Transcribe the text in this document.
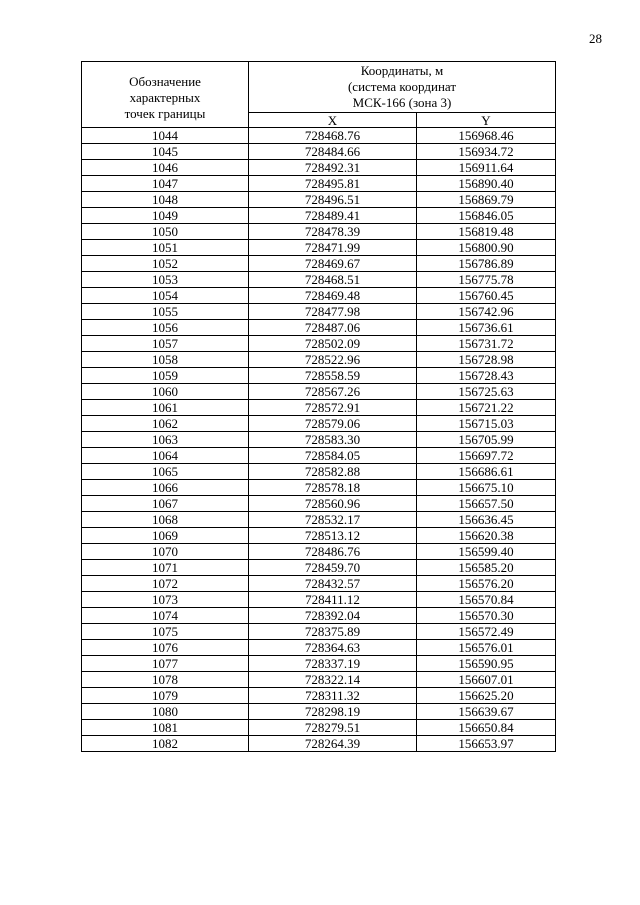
28
Обозначение
характерных
точек границы	Координаты, м
(система координат
МСК-166 (зона 3)	

	X	Y
1044	728468.76	156968.46
1045	728484.66	156934.72
1046	728492.31	156911.64
1047	728495.81	156890.40
1048	728496.51	156869.79
1049	728489.41	156846.05
1050	728478.39	156819.48
1051	728471.99	156800.90
1052	728469.67	156786.89
1053	728468.51	156775.78
1054	728469.48	156760.45
1055	728477.98	156742.96
1056	728487.06	156736.61
1057	728502.09	156731.72
1058	728522.96	156728.98
1059	728558.59	156728.43
1060	728567.26	156725.63
1061	728572.91	156721.22
1062	728579.06	156715.03
1063	728583.30	156705.99
1064	728584.05	156697.72
1065	728582.88	156686.61
1066	728578.18	156675.10
1067	728560.96	156657.50
1068	728532.17	156636.45
1069	728513.12	156620.38
1070	728486.76	156599.40
1071	728459.70	156585.20
1072	728432.57	156576.20
1073	728411.12	156570.84
1074	728392.04	156570.30
1075	728375.89	156572.49
1076	728364.63	156576.01
1077	728337.19	156590.95
1078	728322.14	156607.01
1079	728311.32	156625.20
1080	728298.19	156639.67
1081	728279.51	156650.84
1082	728264.39	156653.97
